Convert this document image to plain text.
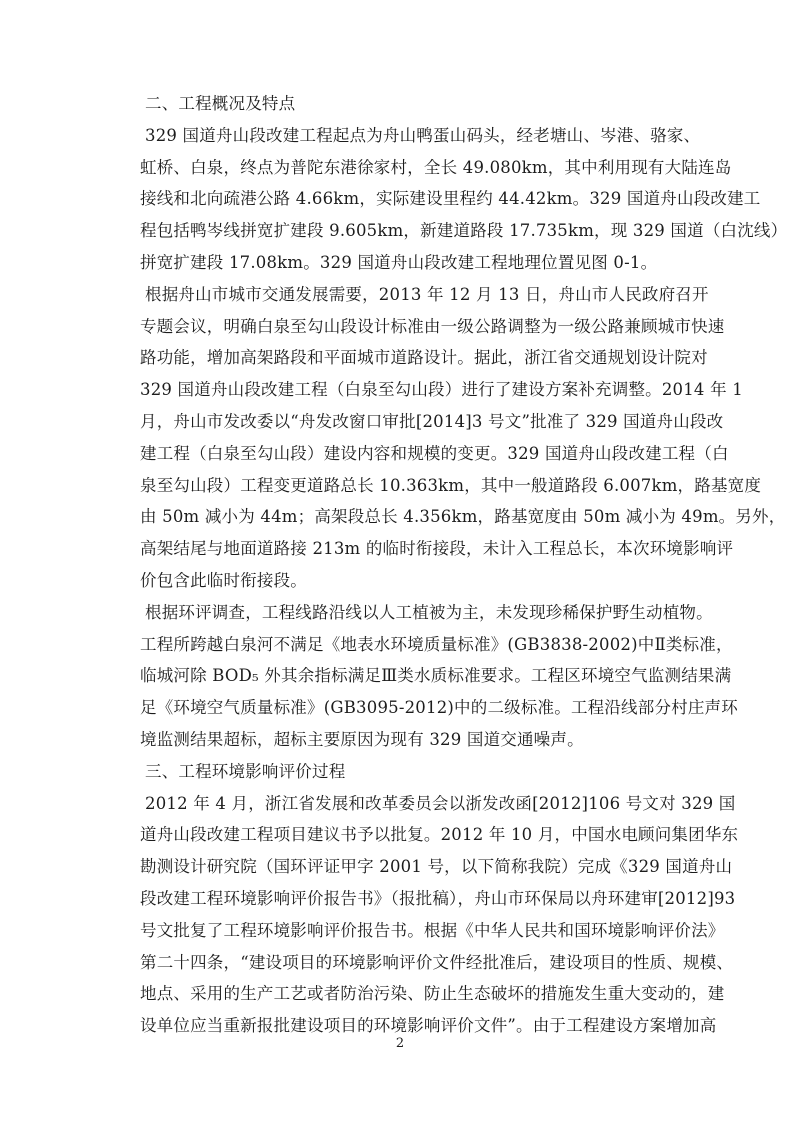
二、工程概况及特点
329 国道舟山段改建工程起点为舟山鸭蛋山码头，经老塘山、岑港、骆家、
虹桥、白泉，终点为普陀东港徐家村，全长 49.080km，其中利用现有大陆连岛
接线和北向疏港公路 4.66km，实际建设里程约 44.42km。329 国道舟山段改建工
程包括鸭岑线拼宽扩建段 9.605km，新建道路段 17.735km，现 329 国道（白沈线）
拼宽扩建段 17.08km。329 国道舟山段改建工程地理位置见图 0-1。
根据舟山市城市交通发展需要，2013 年 12 月 13 日，舟山市人民政府召开
专题会议，明确白泉至勾山段设计标准由一级公路调整为一级公路兼顾城市快速
路功能，增加高架路段和平面城市道路设计。据此，浙江省交通规划设计院对
329 国道舟山段改建工程（白泉至勾山段）进行了建设方案补充调整。2014 年 1
月，舟山市发改委以“舟发改窗口审批[2014]3 号文”批准了 329 国道舟山段改
建工程（白泉至勾山段）建设内容和规模的变更。329 国道舟山段改建工程（白
泉至勾山段）工程变更道路总长 10.363km，其中一般道路段 6.007km，路基宽度
由 50m 减小为 44m；高架段总长 4.356km，路基宽度由 50m 减小为 49m。另外，
高架结尾与地面道路接 213m 的临时衔接段，未计入工程总长，本次环境影响评
价包含此临时衔接段。
根据环评调查，工程线路沿线以人工植被为主，未发现珍稀保护野生动植物。
工程所跨越白泉河不满足《地表水环境质量标准》(GB3838-2002)中Ⅱ类标准，
临城河除 BOD₅ 外其余指标满足Ⅲ类水质标准要求。工程区环境空气监测结果满
足《环境空气质量标准》(GB3095-2012)中的二级标准。工程沿线部分村庄声环
境监测结果超标，超标主要原因为现有 329 国道交通噪声。
三、工程环境影响评价过程
2012 年 4 月，浙江省发展和改革委员会以浙发改函[2012]106 号文对 329 国
道舟山段改建工程项目建议书予以批复。2012 年 10 月，中国水电顾问集团华东
勘测设计研究院（国环评证甲字 2001 号，以下简称我院）完成《329 国道舟山
段改建工程环境影响评价报告书》（报批稿），舟山市环保局以舟环建审[2012]93
号文批复了工程环境影响评价报告书。根据《中华人民共和国环境影响评价法》
第二十四条，“建设项目的环境影响评价文件经批准后，建设项目的性质、规模、
地点、采用的生产工艺或者防治污染、防止生态破坏的措施发生重大变动的，建
设单位应当重新报批建设项目的环境影响评价文件”。由于工程建设方案增加高
2
